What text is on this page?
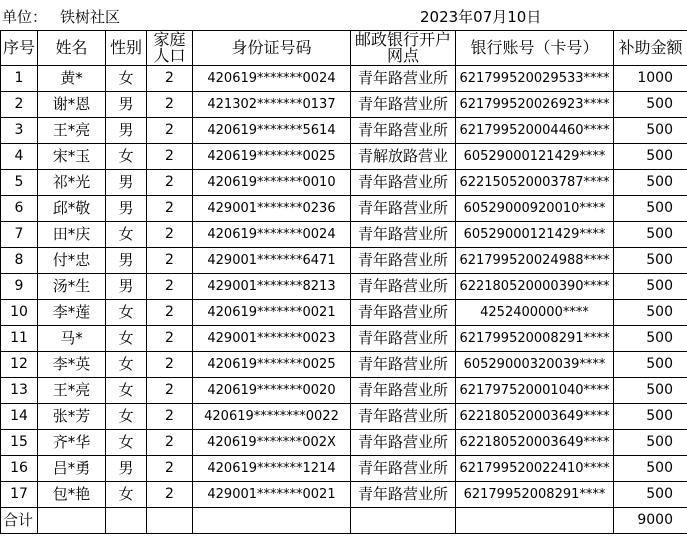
单位： 铁树社区	2023年07月10日
序号	姓名	性别	家庭人口	身份证号码	邮政银行开户网点	银行账号（卡号）	补助金额
1	黄*	女	2	420619*******0024	青年路营业所	621799520029533****	1000
2	谢*恩	男	2	421302*******0137	青年路营业所	621799520026923****	500
3	王*亮	男	2	420619*******5614	青年路营业所	621799520004460****	500
4	宋*玉	女	2	420619*******0025	青解放路营业	60529000121429****	500
5	祁*光	男	2	420619*******0010	青年路营业所	622150520003787****	500
6	邱*敬	男	2	429001*******0236	青年路营业所	60529000920010****	500
7	田*庆	女	2	420619*******0024	青年路营业所	60529000121429****	500
8	付*忠	男	2	429001*******6471	青年路营业所	621799520024988****	500
9	汤*生	男	2	429001*******8213	青年路营业所	622180520000390****	500
10	李*莲	女	2	420619*******0021	青年路营业所	4252400000****	500
11	马*	女	2	429001*******0023	青年路营业所	621799520008291****	500
12	李*英	女	2	420619*******0025	青年路营业所	60529000320039****	500
13	王*亮	女	2	420619*******0020	青年路营业所	621797520001040****	500
14	张*芳	女	2	420619********0022	青年路营业所	622180520003649****	500
15	齐*华	女	2	420619*******002X	青年路营业所	622180520003649****	500
16	吕*勇	男	2	420619*******1214	青年路营业所	621799520022410****	500
17	包*艳	女	2	429001*******0021	青年路营业所	62179952008291****	500
合计							9000
